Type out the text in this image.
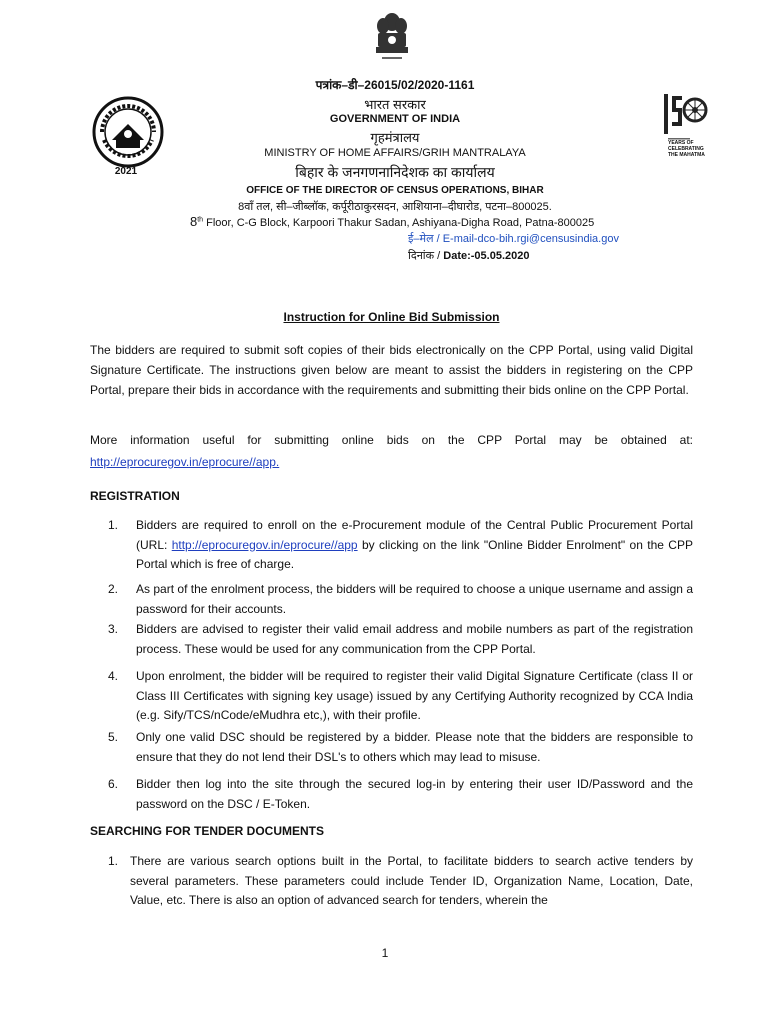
2021
YEARS OF CELEBRATING THE MAHATMA
पत्रांक–डी–26015/02/2020-1161
भारत सरकार
GOVERNMENT OF INDIA
गृहमंत्रालय
MINISTRY OF HOME AFFAIRS/GRIH MANTRALAYA
बिहार के जनगणनानिदेशक का कार्यालय
OFFICE OF THE DIRECTOR OF CENSUS OPERATIONS, BIHAR
8वाँ तल, सी–जीब्लॉक, कर्पूरीठाकुरसदन, आशियाना–दीघारोड, पटना–800025.
8th Floor, C-G Block, Karpoori Thakur Sadan, Ashiyana-Digha Road, Patna-800025
ई–मेल / E-mail-dco-bih.rgi@censusindia.gov
दिनांक / Date:-05.05.2020
Instruction for Online Bid Submission
The bidders are required to submit soft copies of their bids electronically on the CPP Portal, using valid Digital Signature Certificate. The instructions given below are meant to assist the bidders in registering on the CPP Portal, prepare their bids in accordance with the requirements and submitting their bids online on the CPP Portal.
More information useful for submitting online bids on the CPP Portal may be obtained at:
http://eprocuregov.in/eprocure//app.
REGISTRATION
1. Bidders are required to enroll on the e-Procurement module of the Central Public Procurement Portal (URL: http://eprocuregov.in/eprocure//app by clicking on the link "Online Bidder Enrolment" on the CPP Portal which is free of charge.
2. As part of the enrolment process, the bidders will be required to choose a unique username and assign a password for their accounts.
3. Bidders are advised to register their valid email address and mobile numbers as part of the registration process. These would be used for any communication from the CPP Portal.
4. Upon enrolment, the bidder will be required to register their valid Digital Signature Certificate (class II or Class III Certificates with signing key usage) issued by any Certifying Authority recognized by CCA India (e.g. Sify/TCS/nCode/eMudhra etc,), with their profile.
5. Only one valid DSC should be registered by a bidder. Please note that the bidders are responsible to ensure that they do not lend their DSL's to others which may lead to misuse.
6. Bidder then log into the site through the secured log-in by entering their user ID/Password and the password on the DSC / E-Token.
SEARCHING FOR TENDER DOCUMENTS
1. There are various search options built in the Portal, to facilitate bidders to search active tenders by several parameters. These parameters could include Tender ID, Organization Name, Location, Date, Value, etc. There is also an option of advanced search for tenders, wherein the
1
